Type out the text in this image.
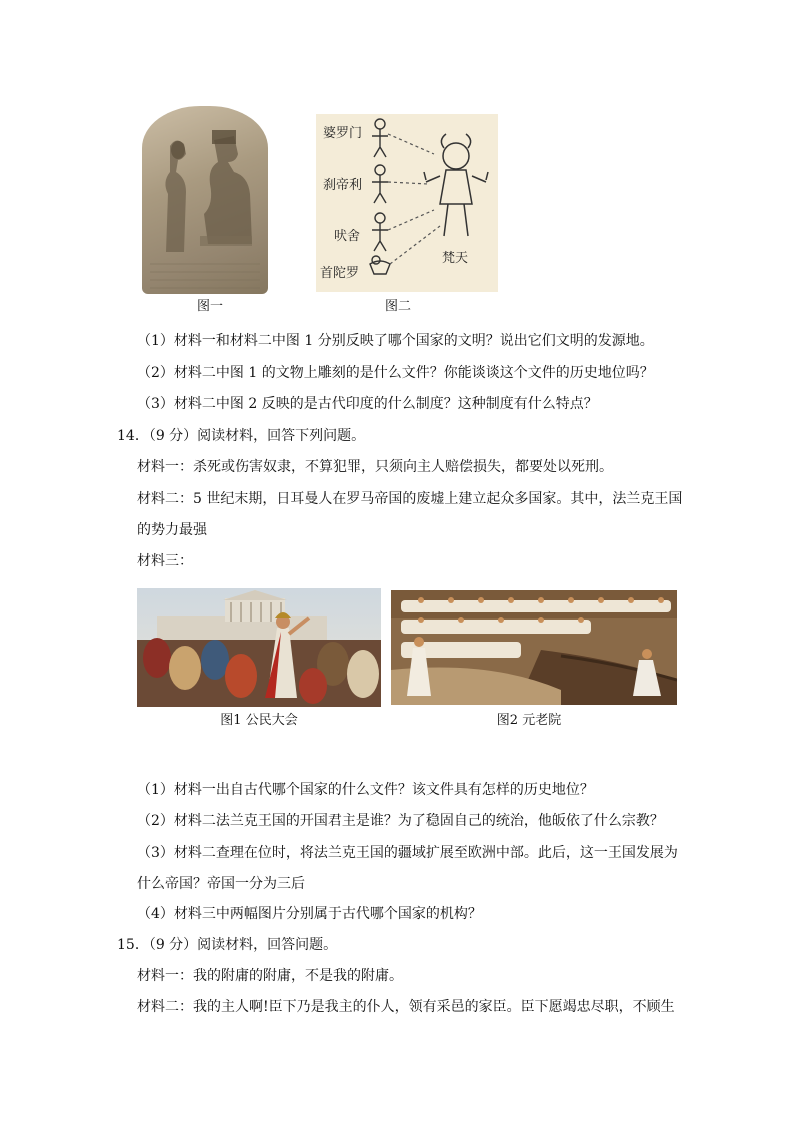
图一
婆罗门
刹帝利
吠舍
首陀罗
梵天
图二
（1）材料一和材料二中图 1 分别反映了哪个国家的文明？说出它们文明的发源地。
（2）材料二中图 1 的文物上雕刻的是什么文件？你能谈谈这个文件的历史地位吗？
（3）材料二中图 2 反映的是古代印度的什么制度？这种制度有什么特点？
14．（9 分）阅读材料，回答下列问题。
材料一：杀死或伤害奴隶，不算犯罪，只须向主人赔偿损失，都要处以死刑。
材料二：5 世纪末期，日耳曼人在罗马帝国的废墟上建立起众多国家。其中，法兰克王国
的势力最强
材料三：
图1 公民大会	图2 元老院
（1）材料一出自古代哪个国家的什么文件？该文件具有怎样的历史地位？
（2）材料二法兰克王国的开国君主是谁？为了稳固自己的统治，他皈依了什么宗教？
（3）材料二查理在位时，将法兰克王国的疆域扩展至欧洲中部。此后，这一王国发展为
什么帝国？帝国一分为三后
（4）材料三中两幅图片分别属于古代哪个国家的机构？
15．（9 分）阅读材料，回答问题。
材料一：我的附庸的附庸，不是我的附庸。
材料二：我的主人啊!臣下乃是我主的仆人，领有采邑的家臣。臣下愿竭忠尽职，不顾生
